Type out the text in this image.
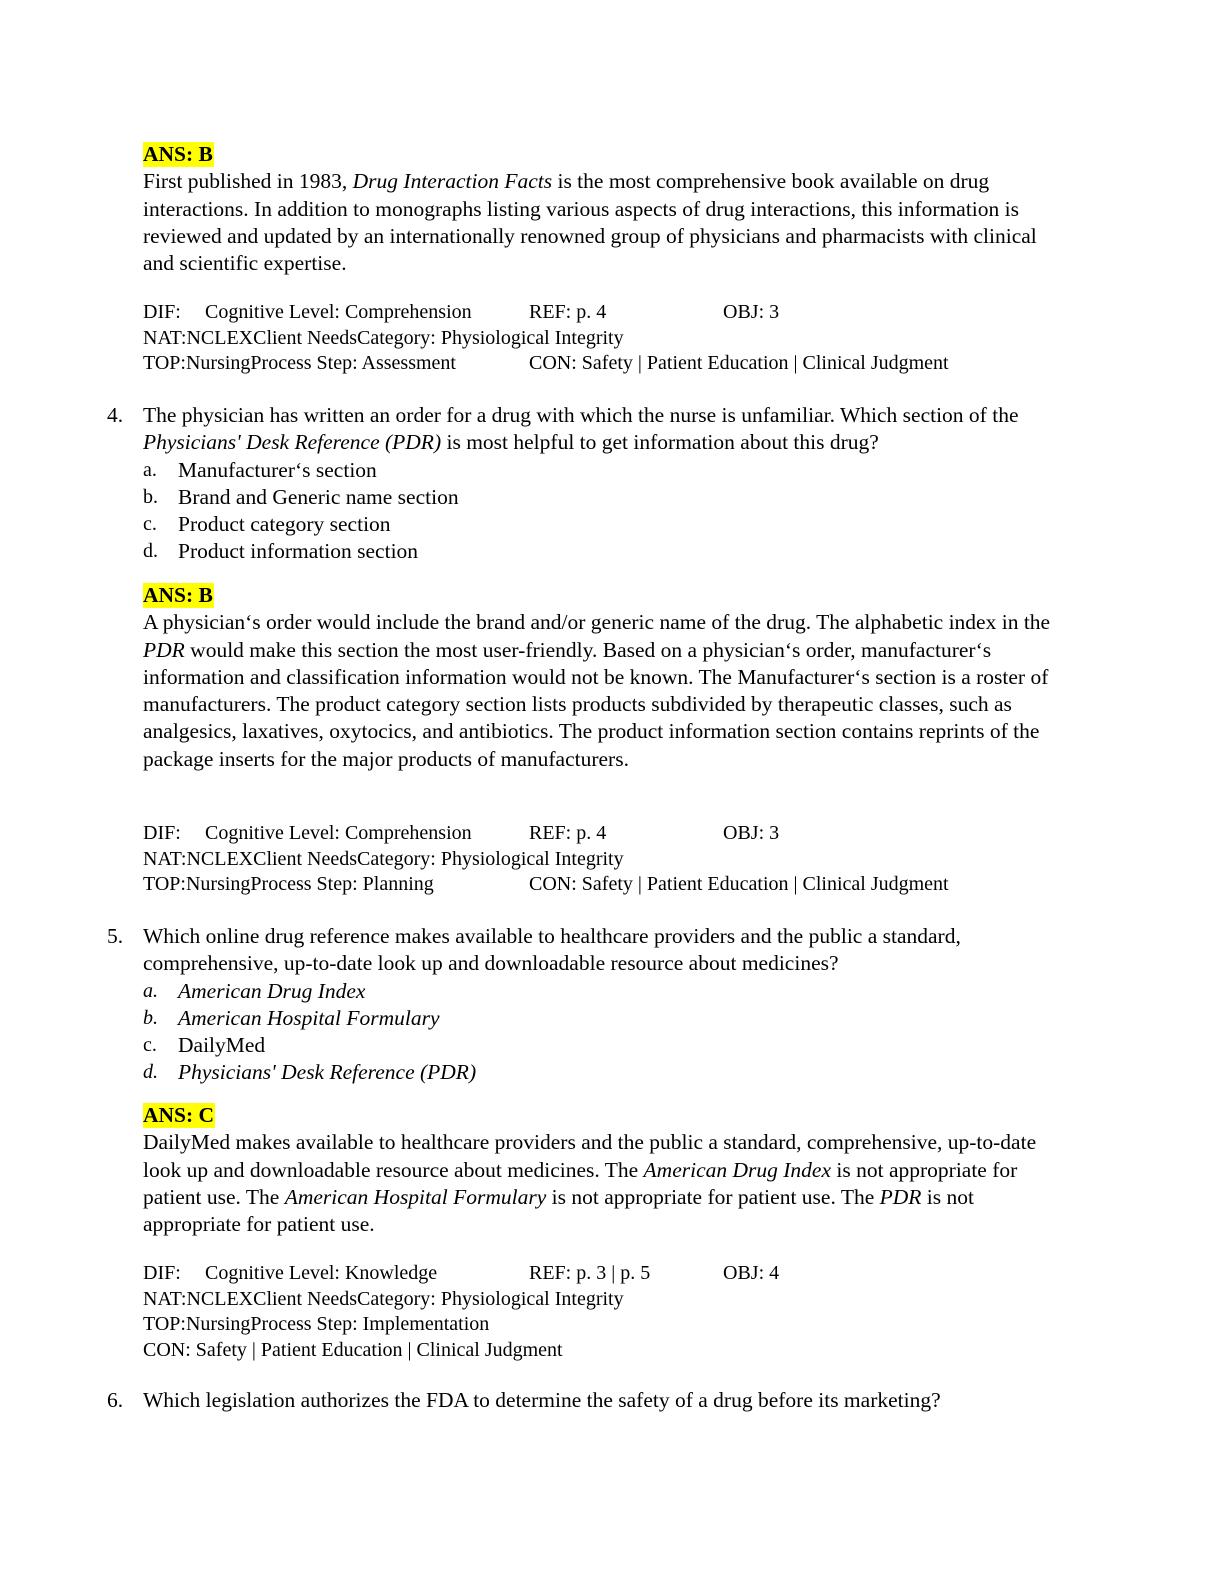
ANS: B

First published in 1983, Drug Interaction Facts is the most comprehensive book available on drug interactions. In addition to monographs listing various aspects of drug interactions, this information is reviewed and updated by an internationally renowned group of physicians and pharmacists with clinical and scientific expertise.

DIF: Cognitive Level: Comprehension	REF: p. 4	OBJ: 3
NAT:NCLEXClient NeedsCategory: Physiological Integrity
TOP:NursingProcess Step: Assessment	CON: Safety | Patient Education | Clinical Judgment
4. The physician has written an order for a drug with which the nurse is unfamiliar. Which section of the Physicians' Desk Reference (PDR) is most helpful to get information about this drug?
a. Manufacturer‘s section
b. Brand and Generic name section
c. Product category section
d. Product information section
ANS: B

A physician‘s order would include the brand and/or generic name of the drug. The alphabetic index in the PDR would make this section the most user-friendly. Based on a physician‘s order, manufacturer‘s information and classification information would not be known. The Manufacturer‘s section is a roster of manufacturers. The product category section lists products subdivided by therapeutic classes, such as analgesics, laxatives, oxytocics, and antibiotics. The product information section contains reprints of the package inserts for the major products of manufacturers.

DIF: Cognitive Level: Comprehension	REF: p. 4	OBJ: 3
NAT:NCLEXClient NeedsCategory: Physiological Integrity
TOP:NursingProcess Step: Planning	CON: Safety | Patient Education | Clinical Judgment
5. Which online drug reference makes available to healthcare providers and the public a standard, comprehensive, up-to-date look up and downloadable resource about medicines?
a. American Drug Index
b. American Hospital Formulary
c. DailyMed
d. Physicians' Desk Reference (PDR)
ANS: C

DailyMed makes available to healthcare providers and the public a standard, comprehensive, up-to-date look up and downloadable resource about medicines. The American Drug Index is not appropriate for patient use. The American Hospital Formulary is not appropriate for patient use. The PDR is not appropriate for patient use.

DIF: Cognitive Level: Knowledge	REF: p. 3 | p. 5	OBJ: 4
NAT:NCLEXClient NeedsCategory: Physiological Integrity
TOP:NursingProcess Step: Implementation
CON: Safety | Patient Education | Clinical Judgment
6. Which legislation authorizes the FDA to determine the safety of a drug before its marketing?
